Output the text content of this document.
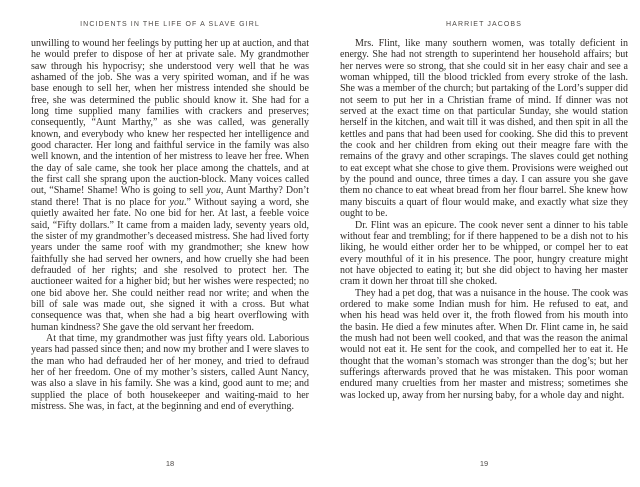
INCIDENTS IN THE LIFE OF A SLAVE GIRL

unwilling to wound her feelings by putting her up at auction, and that he would prefer to dispose of her at private sale. My grandmother saw through his hypocrisy; she understood very well that he was ashamed of the job. She was a very spirited woman, and if he was base enough to sell her, when her mistress intended she should be free, she was determined the public should know it. She had for a long time supplied many families with crackers and preserves; consequently, “Aunt Marthy,” as she was called, was generally known, and everybody who knew her respected her intelligence and good character. Her long and faithful service in the family was also well known, and the intention of her mistress to leave her free. When the day of sale came, she took her place among the chattels, and at the first call she sprang upon the auction-block. Many voices called out, “Shame! Shame! Who is going to sell you, Aunt Marthy? Don’t stand there! That is no place for you.” Without saying a word, she quietly awaited her fate. No one bid for her. At last, a feeble voice said, “Fifty dollars.” It came from a maiden lady, seventy years old, the sister of my grandmother’s deceased mistress. She had lived forty years under the same roof with my grandmother; she knew how faithfully she had served her owners, and how cruelly she had been defrauded of her rights; and she resolved to protect her. The auctioneer waited for a higher bid; but her wishes were respected; no one bid above her. She could neither read nor write; and when the bill of sale was made out, she signed it with a cross. But what consequence was that, when she had a big heart overflowing with human kindness? She gave the old servant her freedom.

At that time, my grandmother was just fifty years old. Laborious years had passed since then; and now my brother and I were slaves to the man who had defrauded her of her money, and tried to defraud her of her freedom. One of my mother’s sisters, called Aunt Nancy, was also a slave in his family. She was a kind, good aunt to me; and supplied the place of both housekeeper and waiting-maid to her mistress. She was, in fact, at the beginning and end of everything.

18
HARRIET JACOBS

Mrs. Flint, like many southern women, was totally deficient in energy. She had not strength to superintend her household affairs; but her nerves were so strong, that she could sit in her easy chair and see a woman whipped, till the blood trickled from every stroke of the lash. She was a member of the church; but partaking of the Lord’s supper did not seem to put her in a Christian frame of mind. If dinner was not served at the exact time on that particular Sunday, she would station herself in the kitchen, and wait till it was dished, and then spit in all the kettles and pans that had been used for cooking. She did this to prevent the cook and her children from eking out their meagre fare with the remains of the gravy and other scrapings. The slaves could get nothing to eat except what she chose to give them. Provisions were weighed out by the pound and ounce, three times a day. I can assure you she gave them no chance to eat wheat bread from her flour barrel. She knew how many biscuits a quart of flour would make, and exactly what size they ought to be.

Dr. Flint was an epicure. The cook never sent a dinner to his table without fear and trembling; for if there happened to be a dish not to his liking, he would either order her to be whipped, or compel her to eat every mouthful of it in his presence. The poor, hungry creature might not have objected to eating it; but she did object to having her master cram it down her throat till she choked.

They had a pet dog, that was a nuisance in the house. The cook was ordered to make some Indian mush for him. He refused to eat, and when his head was held over it, the froth flowed from his mouth into the basin. He died a few minutes after. When Dr. Flint came in, he said the mush had not been well cooked, and that was the reason the animal would not eat it. He sent for the cook, and compelled her to eat it. He thought that the woman’s stomach was stronger than the dog’s; but her sufferings afterwards proved that he was mistaken. This poor woman endured many cruelties from her master and mistress; sometimes she was locked up, away from her nursing baby, for a whole day and night.

19
